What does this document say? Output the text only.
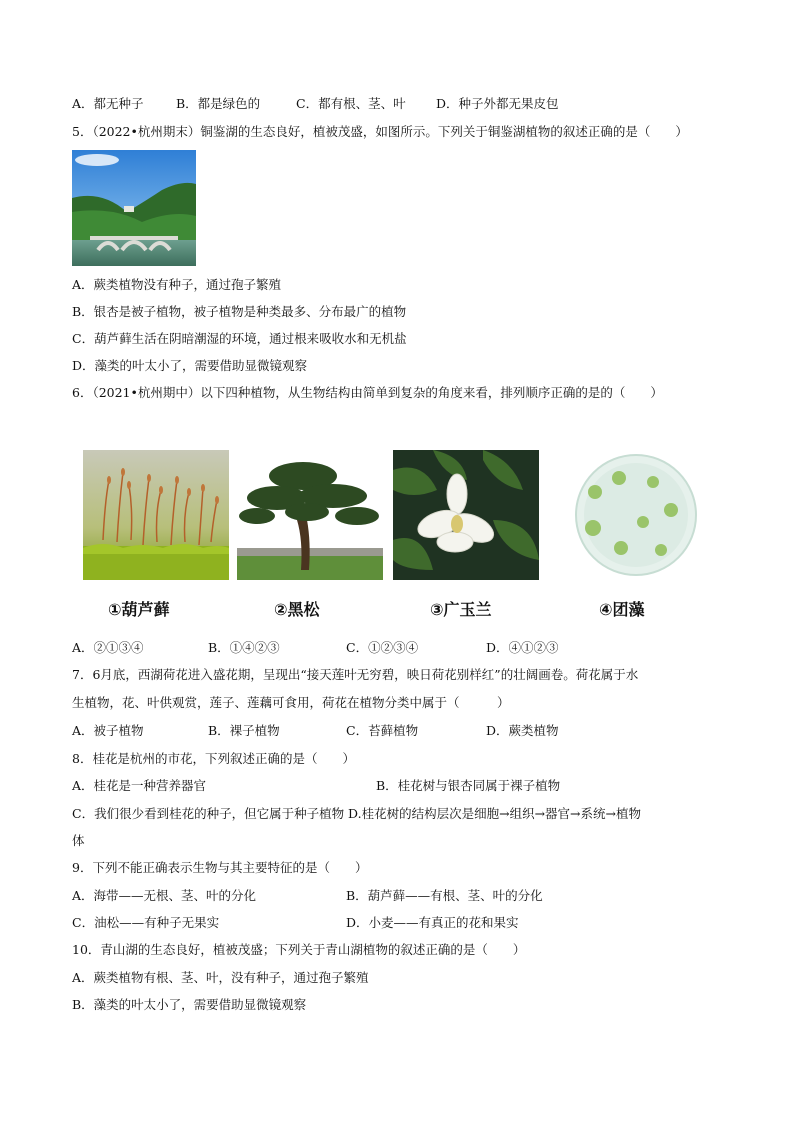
A．都无种子	B．都是绿色的	C．都有根、茎、叶 D．种子外都无果皮包
5．（2022•杭州期末）铜鉴湖的生态良好，植被茂盛，如图所示。下列关于铜鉴湖植物的叙述正确的是（　　）
A．蕨类植物没有种子，通过孢子繁殖
B．银杏是被子植物，被子植物是种类最多、分布最广的植物
C．葫芦藓生活在阴暗潮湿的环境，通过根来吸收水和无机盐
D．藻类的叶太小了，需要借助显微镜观察
6．（2021•杭州期中）以下四种植物，从生物结构由简单到复杂的角度来看，排列顺序正确的是的（　　）
①葫芦藓	②黑松	③广玉兰	④团藻
A．②①③④	B．①④②③	C．①②③④	D．④①②③
7．6月底，西湖荷花进入盛花期，呈现出“接天莲叶无穷碧，映日荷花别样红”的壮阔画卷。荷花属于水
生植物，花、叶供观赏，莲子、莲藕可食用，荷花在植物分类中属于（　　　）
A．被子植物	B．裸子植物	C．苔藓植物	D．蕨类植物
8．桂花是杭州的市花，下列叙述正确的是（　　）
A．桂花是一种营养器官	B．桂花树与银杏同属于裸子植物
C．我们很少看到桂花的种子，但它属于种子植物 D.桂花树的结构层次是细胞→组织→器官→系统→植物
体
9．下列不能正确表示生物与其主要特征的是（　　）
A．海带——无根、茎、叶的分化	B．葫芦藓——有根、茎、叶的分化
C．油松——有种子无果实	D．小麦——有真正的花和果实
10．青山湖的生态良好，植被茂盛；下列关于青山湖植物的叙述正确的是（　　）
A．蕨类植物有根、茎、叶，没有种子，通过孢子繁殖
B．藻类的叶太小了，需要借助显微镜观察
